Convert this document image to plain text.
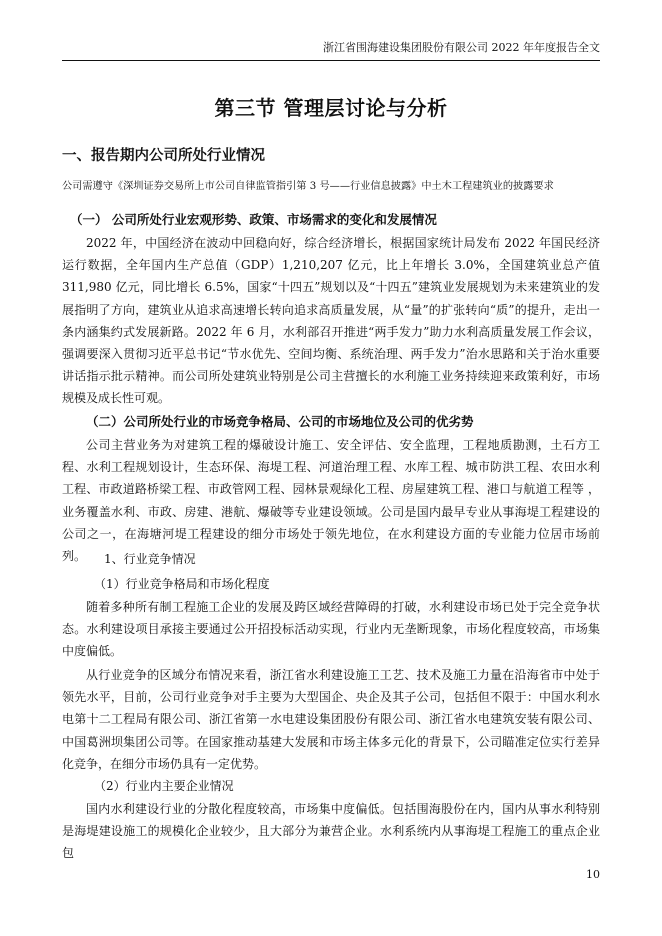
浙江省围海建设集团股份有限公司 2022 年年度报告全文
第三节 管理层讨论与分析
一、报告期内公司所处行业情况
公司需遵守《深圳证券交易所上市公司自律监管指引第 3 号——行业信息披露》中土木工程建筑业的披露要求
（一） 公司所处行业宏观形势、政策、市场需求的变化和发展情况

2022 年，中国经济在波动中回稳向好，综合经济增长，根据国家统计局发布 2022 年国民经济运行数据，全年国内生产总值（GDP）1,210,207 亿元，比上年增长 3.0%，全国建筑业总产值 311,980 亿元，同比增长 6.5%，国家“十四五”规划以及“十四五”建筑业发展规划为未来建筑业的发展指明了方向，建筑业从追求高速增长转向追求高质量发展，从“量”的扩张转向“质”的提升，走出一条内涵集约式发展新路。2022 年 6 月，水利部召开推进“两手发力”助力水利高质量发展工作会议，强调要深入贯彻习近平总书记“节水优先、空间均衡、系统治理、两手发力”治水思路和关于治水重要讲话指示批示精神。而公司所处建筑业特别是公司主营擅长的水利施工业务持续迎来政策利好，市场规模及成长性可观。

（二）公司所处行业的市场竞争格局、公司的市场地位及公司的优劣势

公司主营业务为对建筑工程的爆破设计施工、安全评估、安全监理，工程地质勘测，土石方工程、水利工程规划设计，生态环保、海堤工程、河道治理工程、水库工程、城市防洪工程、农田水利工程、市政道路桥梁工程、市政管网工程、园林景观绿化工程、房屋建筑工程、港口与航道工程等 ，业务覆盖水利、市政、房建、港航、爆破等专业建设领域。公司是国内最早专业从事海堤工程建设的公司之一，在海塘河堤工程建设的细分市场处于领先地位，在水利建设方面的专业能力位居市场前列。	1、行业竞争情况
（1）行业竞争格局和市场化程度

随着多种所有制工程施工企业的发展及跨区域经营障碍的打破，水利建设市场已处于完全竞争状态。水利建设项目承接主要通过公开招投标活动实现，行业内无垄断现象，市场化程度较高，市场集中度偏低。

从行业竞争的区域分布情况来看，浙江省水利建设施工工艺、技术及施工力量在沿海省市中处于领先水平，目前，公司行业竞争对手主要为大型国企、央企及其子公司，包括但不限于：中国水利水电第十二工程局有限公司、浙江省第一水电建设集团股份有限公司、浙江省水电建筑安装有限公司、中国葛洲坝集团公司等。在国家推动基建大发展和市场主体多元化的背景下，公司瞄准定位实行差异化竞争，在细分市场仍具有一定优势。

（2）行业内主要企业情况

国内水利建设行业的分散化程度较高，市场集中度偏低。包括围海股份在内，国内从事水利特别是海堤建设施工的规模化企业较少，且大部分为兼营企业。水利系统内从事海堤工程施工的重点企业包

10
